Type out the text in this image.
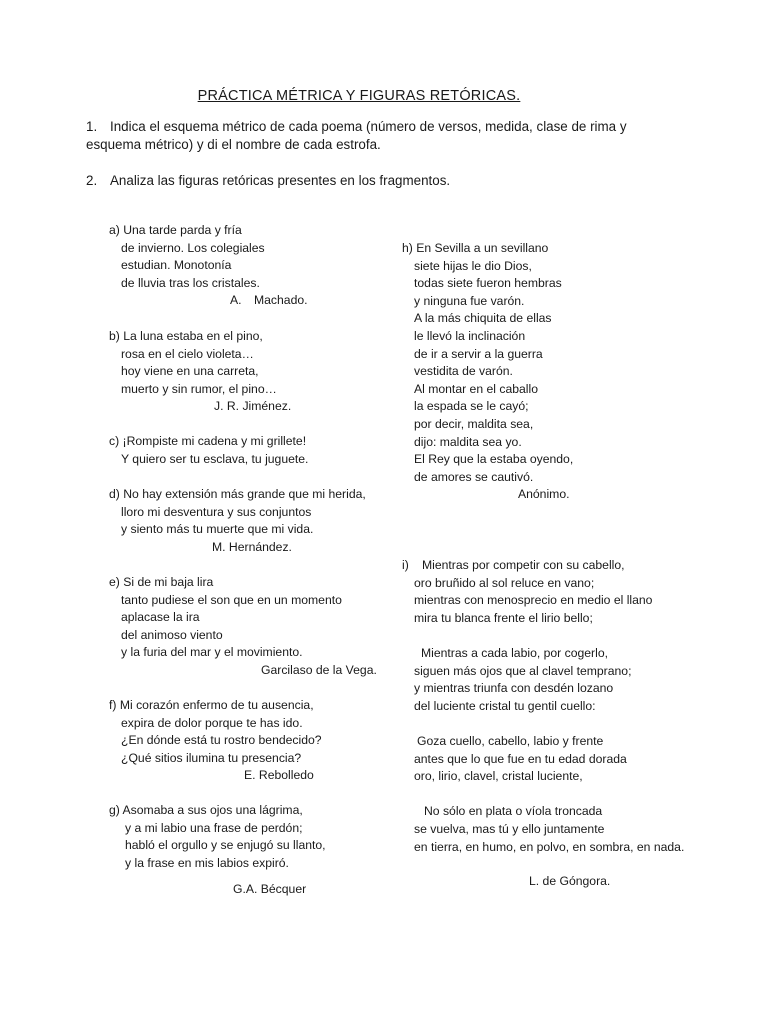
PRÁCTICA MÉTRICA Y FIGURAS RETÓRICAS.
1. Indica el esquema métrico de cada poema (número de versos, medida, clase de rima y
esquema métrico) y di el nombre de cada estrofa.
2. Analiza las figuras retóricas presentes en los fragmentos.
a) Una tarde parda y fría
de invierno. Los colegiales
estudian. Monotonía
de lluvia tras los cristales.
A. Machado.
b) La luna estaba en el pino,
rosa en el cielo violeta…
hoy viene en una carreta,
muerto y sin rumor, el pino…
J. R. Jiménez.
c) ¡Rompiste mi cadena y mi grillete!
Y quiero ser tu esclava, tu juguete.
d) No hay extensión más grande que mi herida,
lloro mi desventura y sus conjuntos
y siento más tu muerte que mi vida.
M. Hernández.
e) Si de mi baja lira
tanto pudiese el son que en un momento
aplacase la ira
del animoso viento
y la furia del mar y el movimiento.
f) Mi corazón enfermo de tu ausencia,
expira de dolor porque te has ido.
¿En dónde está tu rostro bendecido?
¿Qué sitios ilumina tu presencia?
E. Rebolledo
g) Asomaba a sus ojos una lágrima,
y a mi labio una frase de perdón;
habló el orgullo y se enjugó su llanto,
y la frase en mis labios expiró.
G.A. Bécquer
Garcilaso de la Vega.
h) En Sevilla a un sevillano
siete hijas le dio Dios,
todas siete fueron hembras
y ninguna fue varón.
A la más chiquita de ellas
le llevó la inclinación
de ir a servir a la guerra
vestidita de varón.
Al montar en el caballo
la espada se le cayó;
por decir, maldita sea,
dijo: maldita sea yo.
El Rey que la estaba oyendo,
de amores se cautivó.
Anónimo.
i) Mientras por competir con su cabello,
oro bruñido al sol reluce en vano;
mientras con menosprecio en medio el llano
mira tu blanca frente el lirio bello;
Mientras a cada labio, por cogerlo,
siguen más ojos que al clavel temprano;
y mientras triunfa con desdén lozano
del luciente cristal tu gentil cuello:
Goza cuello, cabello, labio y frente
antes que lo que fue en tu edad dorada
oro, lirio, clavel, cristal luciente,
No sólo en plata o víola troncada
se vuelva, mas tú y ello juntamente
en tierra, en humo, en polvo, en sombra, en nada.
L. de Góngora.
